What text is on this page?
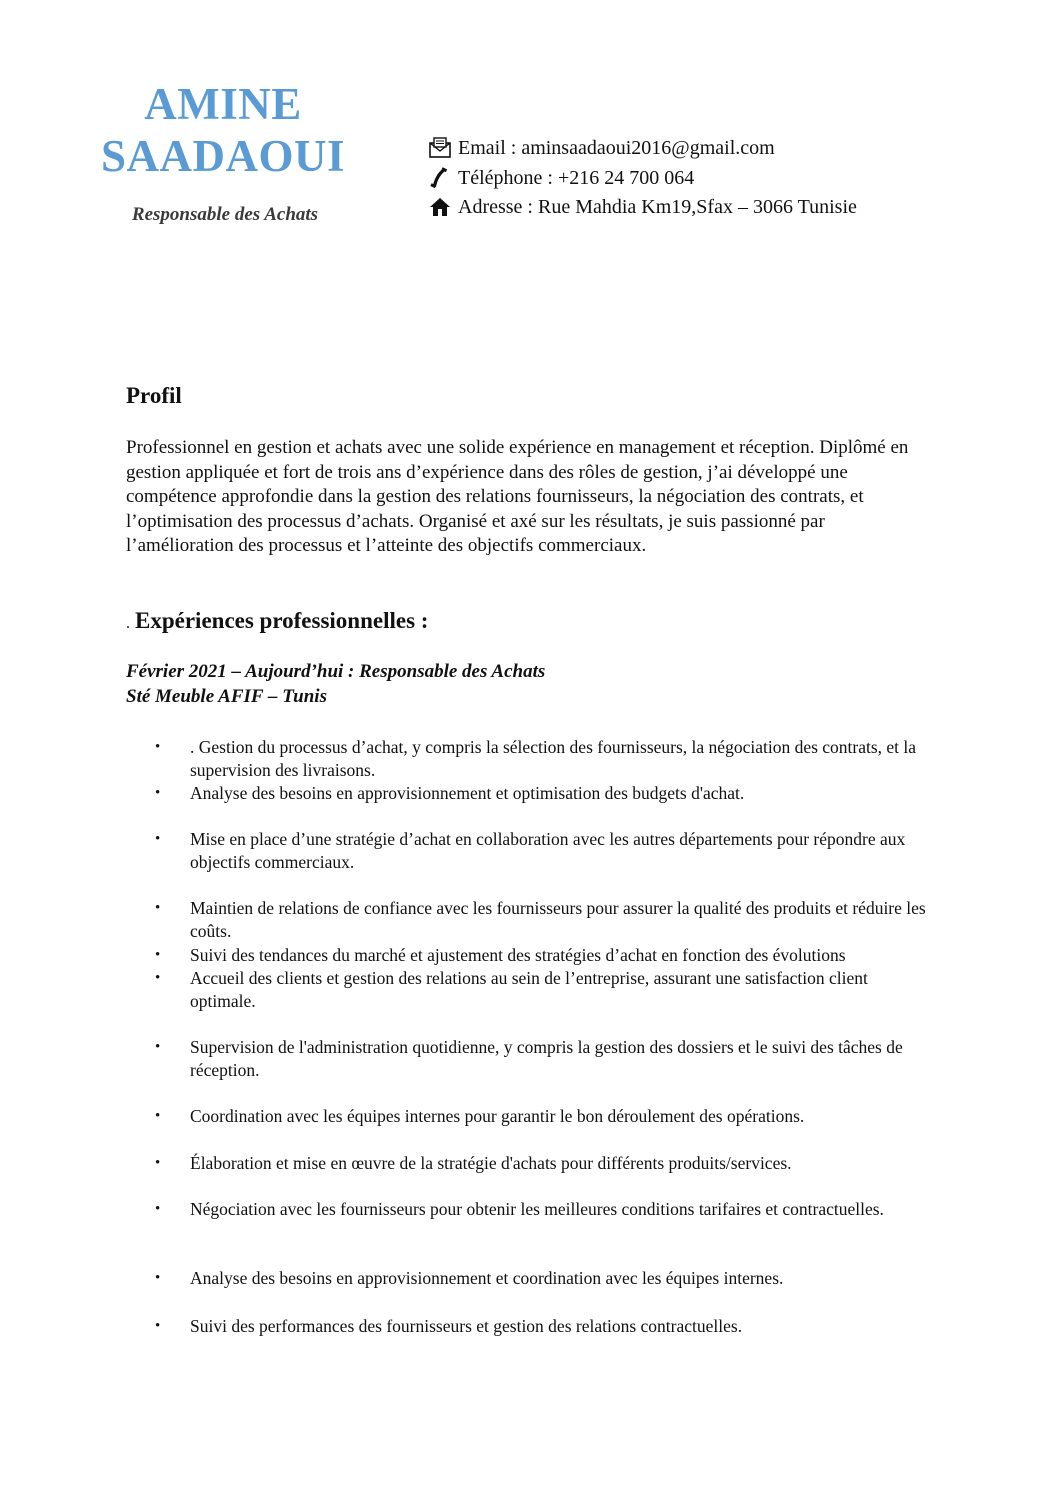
AMINE
SAADAOUI
Responsable des Achats
Email : aminsaadaoui2016@gmail.com
Téléphone : +216 24 700 064
Adresse : Rue Mahdia Km19,Sfax – 3066 Tunisie
Profil
Professionnel en gestion et achats avec une solide expérience en management et réception. Diplômé en gestion appliquée et fort de trois ans d’expérience dans des rôles de gestion, j’ai développé une compétence approfondie dans la gestion des relations fournisseurs, la négociation des contrats, et l’optimisation des processus d’achats. Organisé et axé sur les résultats, je suis passionné par l’amélioration des processus et l’atteinte des objectifs commerciaux.
. Expériences professionnelles :
Février 2021 – Aujourd’hui : Responsable des Achats
Sté Meuble AFIF – Tunis
•	. Gestion du processus d’achat, y compris la sélection des fournisseurs, la négociation des contrats, et la supervision des livraisons.
•	Analyse des besoins en approvisionnement et optimisation des budgets d'achat.
•	Mise en place d’une stratégie d’achat en collaboration avec les autres départements pour répondre aux objectifs commerciaux.
•	Maintien de relations de confiance avec les fournisseurs pour assurer la qualité des produits et réduire les coûts.
•	Suivi des tendances du marché et ajustement des stratégies d’achat en fonction des évolutions
•	Accueil des clients et gestion des relations au sein de l’entreprise, assurant une satisfaction client optimale.
•	Supervision de l'administration quotidienne, y compris la gestion des dossiers et le suivi des tâches de réception.
•	Coordination avec les équipes internes pour garantir le bon déroulement des opérations.
•	Élaboration et mise en œuvre de la stratégie d'achats pour différents produits/services.
•	Négociation avec les fournisseurs pour obtenir les meilleures conditions tarifaires et contractuelles.
•	Analyse des besoins en approvisionnement et coordination avec les équipes internes.
•	Suivi des performances des fournisseurs et gestion des relations contractuelles.
